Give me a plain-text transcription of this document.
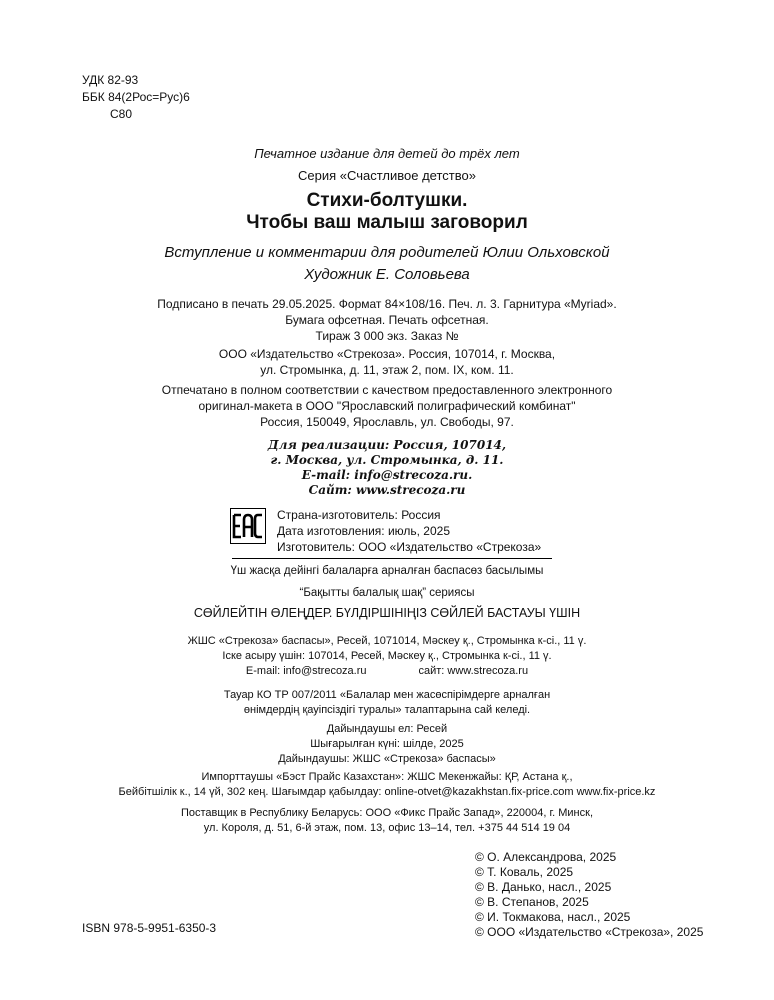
УДК 82-93
ББК 84(2Рос=Рус)6
С80
Печатное издание для детей до трёх лет
Серия «Счастливое детство»
Стихи-болтушки.
Чтобы ваш малыш заговорил
Вступление и комментарии для родителей Юлии Ольховской
Художник Е. Соловьева
Подписано в печать 29.05.2025. Формат 84×108/16. Печ. л. 3. Гарнитура «Myriad».
Бумага офсетная. Печать офсетная.
Тираж 3 000 экз. Заказ №
ООО «Издательство «Стрекоза». Россия, 107014, г. Москва,
ул. Стромынка, д. 11, этаж 2, пом. IX, ком. 11.
Отпечатано в полном соответствии с качеством предоставленного электронного
оригинал-макета в ООО "Ярославский полиграфический комбинат"
Россия, 150049, Ярославль, ул. Свободы, 97.
Для реализации: Россия, 107014,
г. Москва, ул. Стромынка, д. 11.
E-mail: info@strecoza.ru.
Сайт: www.strecoza.ru
Страна-изготовитель: Россия
Дата изготовления: июль, 2025
Изготовитель: ООО «Издательство «Стрекоза»
Үш жасқа дейінгі балаларға арналған баспасөз басылымы
“Бақытты балалық шақ” сериясы
СӨЙЛЕЙТІН ӨЛЕҢДЕР. БҮЛДІРШІНІҢІЗ СӨЙЛЕЙ БАСТАУЫ ҮШІН
ЖШС «Стрекоза» баспасы», Ресей, 1071014, Мәскеу қ., Стромынка к-сі., 11 ү.
Іске асыру үшін: 107014, Ресей, Мәскеу қ., Стромынка к-сі., 11 ү.
E-mail: info@strecoza.ru                 сайт: www.strecoza.ru
Тауар КО ТР 007/2011 «Балалар мен жасөспірімдерге арналған
өнімдердің қауіпсіздігі туралы» талаптарына сай келеді.
Дайындаушы ел: Ресей
Шығарылған күні: шілде, 2025
Дайындаушы: ЖШС «Стрекоза» баспасы»
Импорттаушы «Бэст Прайс Казахстан»: ЖШС Мекенжайы: ҚР, Астана қ.,
Бейбітшілік к., 14 үй, 302 кең. Шағымдар қабылдау: online-otvet@kazakhstan.fix-price.com www.fix-price.kz
Поставщик в Республику Беларусь: ООО «Фикс Прайс Запад», 220004, г. Минск,
ул. Короля, д. 51, 6-й этаж, пом. 13, офис 13–14, тел. +375 44 514 19 04
© О. Александрова, 2025
© Т. Коваль, 2025
© В. Данько, насл., 2025
© В. Степанов, 2025
© И. Токмакова, насл., 2025
© ООО «Издательство «Стрекоза», 2025
ISBN 978-5-9951-6350-3
